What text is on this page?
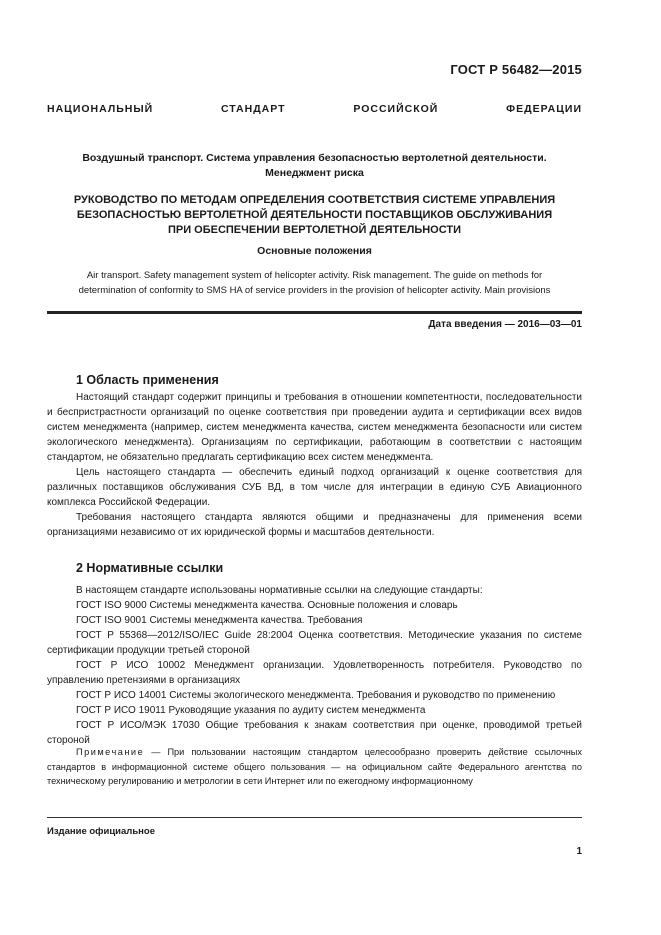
ГОСТ Р 56482—2015
НАЦИОНАЛЬНЫЙ СТАНДАРТ РОССИЙСКОЙ ФЕДЕРАЦИИ
Воздушный транспорт. Система управления безопасностью вертолетной деятельности.
Менеджмент риска
РУКОВОДСТВО ПО МЕТОДАМ ОПРЕДЕЛЕНИЯ СООТВЕТСТВИЯ СИСТЕМЕ УПРАВЛЕНИЯ
БЕЗОПАСНОСТЬЮ ВЕРТОЛЕТНОЙ ДЕЯТЕЛЬНОСТИ ПОСТАВЩИКОВ ОБСЛУЖИВАНИЯ
ПРИ ОБЕСПЕЧЕНИИ ВЕРТОЛЕТНОЙ ДЕЯТЕЛЬНОСТИ
Основные положения
Air transport. Safety management system of helicopter activity. Risk management. The guide on methods for
determination of conformity to SMS HA of service providers in the provision of helicopter activity. Main provisions
Дата введения — 2016—03—01
1 Область применения
Настоящий стандарт содержит принципы и требования в отношении компетентности, последовательности и беспристрастности организаций по оценке соответствия при проведении аудита и сертификации всех видов систем менеджмента (например, систем менеджмента качества, систем менеджмента безопасности или систем экологического менеджмента). Организациям по сертификации, работающим в соответствии с настоящим стандартом, не обязательно предлагать сертификацию всех систем менеджмента.
Цель настоящего стандарта — обеспечить единый подход организаций к оценке соответствия для различных поставщиков обслуживания СУБ ВД, в том числе для интеграции в единую СУБ Авиационного комплекса Российской Федерации.
Требования настоящего стандарта являются общими и предназначены для применения всеми организациями независимо от их юридической формы и масштабов деятельности.
2 Нормативные ссылки
В настоящем стандарте использованы нормативные ссылки на следующие стандарты:
ГОСТ ISO 9000 Системы менеджмента качества. Основные положения и словарь
ГОСТ ISO 9001 Системы менеджмента качества. Требования
ГОСТ Р 55368—2012/ISO/IEC Guide 28:2004 Оценка соответствия. Методические указания по системе сертификации продукции третьей стороной
ГОСТ Р ИСО 10002 Менеджмент организации. Удовлетворенность потребителя. Руководство по управлению претензиями в организациях
ГОСТ Р ИСО 14001 Системы экологического менеджмента. Требования и руководство по применению
ГОСТ Р ИСО 19011 Руководящие указания по аудиту систем менеджмента
ГОСТ Р ИСО/МЭК 17030 Общие требования к знакам соответствия при оценке, проводимой третьей стороной
Примечание — При пользовании настоящим стандартом целесообразно проверить действие ссылочных стандартов в информационной системе общего пользования — на официальном сайте Федерального агентства по техническому регулированию и метрологии в сети Интернет или по ежегодному информационному
Издание официальное
1
